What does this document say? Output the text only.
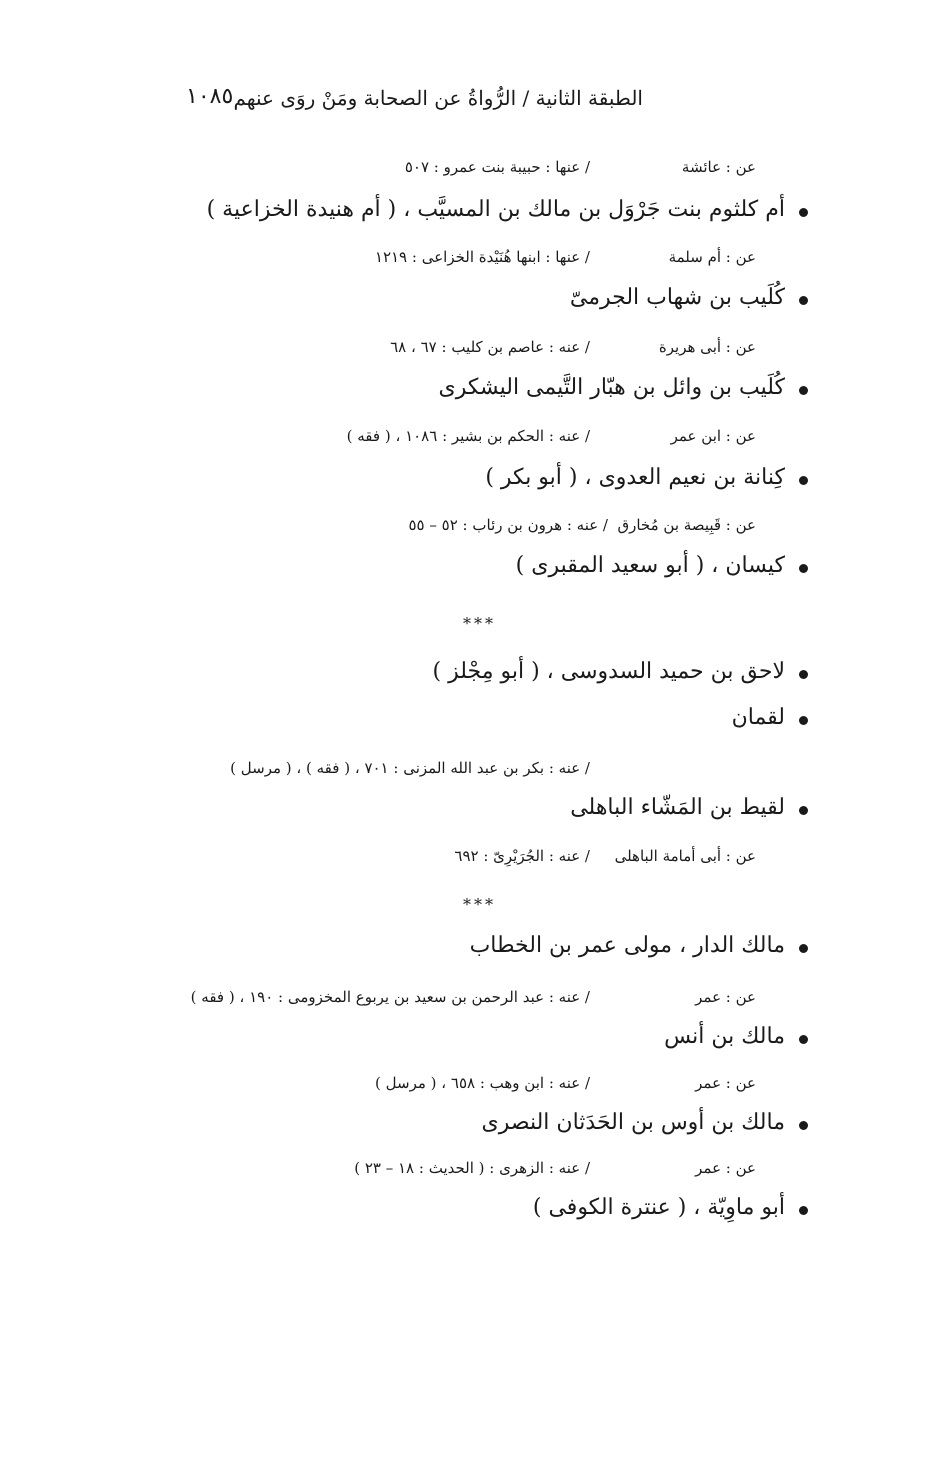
الطبقة الثانية / الرُّواةُ عن الصحابة ومَنْ روَى عنهم
١٠٨٥
عن : عائشة
/ عنها : حبيبة بنت عمرو : ٥٠٧
أم كلثوم بنت جَرْوَل بن مالك بن المسيَّب ، ( أم هنيدة الخزاعية )
عن : أم سلمة
/ عنها : ابنها هُنَيْدة الخزاعى : ١٢١٩
كُلَيب بن شهاب الجرمىّ
عن : أبى هريرة
/ عنه : عاصم بن كليب : ٦٧ ، ٦٨
كُلَيب بن وائل بن هبّار التَّيمى اليشكرى
عن : ابن عمر
/ عنه : الحكم بن بشير : ١٠٨٦ ، ( فقه )
كِنانة بن نعيم العدوى ، ( أبو بكر )
عن : قَبِيصة بن مُخارق
/ عنه : هرون بن رئاب : ٥٢ – ٥٥
كيسان ، ( أبو سعيد المقبرى )
***
لاحق بن حميد السدوسى ، ( أبو مِجْلز )
لقمان
/ عنه : بكر بن عبد الله المزنى : ٧٠١ ، ( فقه ) ، ( مرسل )
لقيط بن المَشّاء الباهلى
عن : أبى أمامة الباهلى
/ عنه : الجُرَيْرِىّ : ٦٩٢
***
مالك الدار ، مولى عمر بن الخطاب
عن : عمر
/ عنه : عبد الرحمن بن سعيد بن يربوع المخزومى : ١٩٠ ، ( فقه )
مالك بن أنس
عن : عمر
/ عنه : ابن وهب : ٦٥٨ ، ( مرسل )
مالك بن أوس بن الحَدَثان النصرى
عن : عمر
/ عنه : الزهرى : ( الحديث : ١٨ – ٢٣ )
أبو ماوِيّة ، ( عنترة الكوفى )
